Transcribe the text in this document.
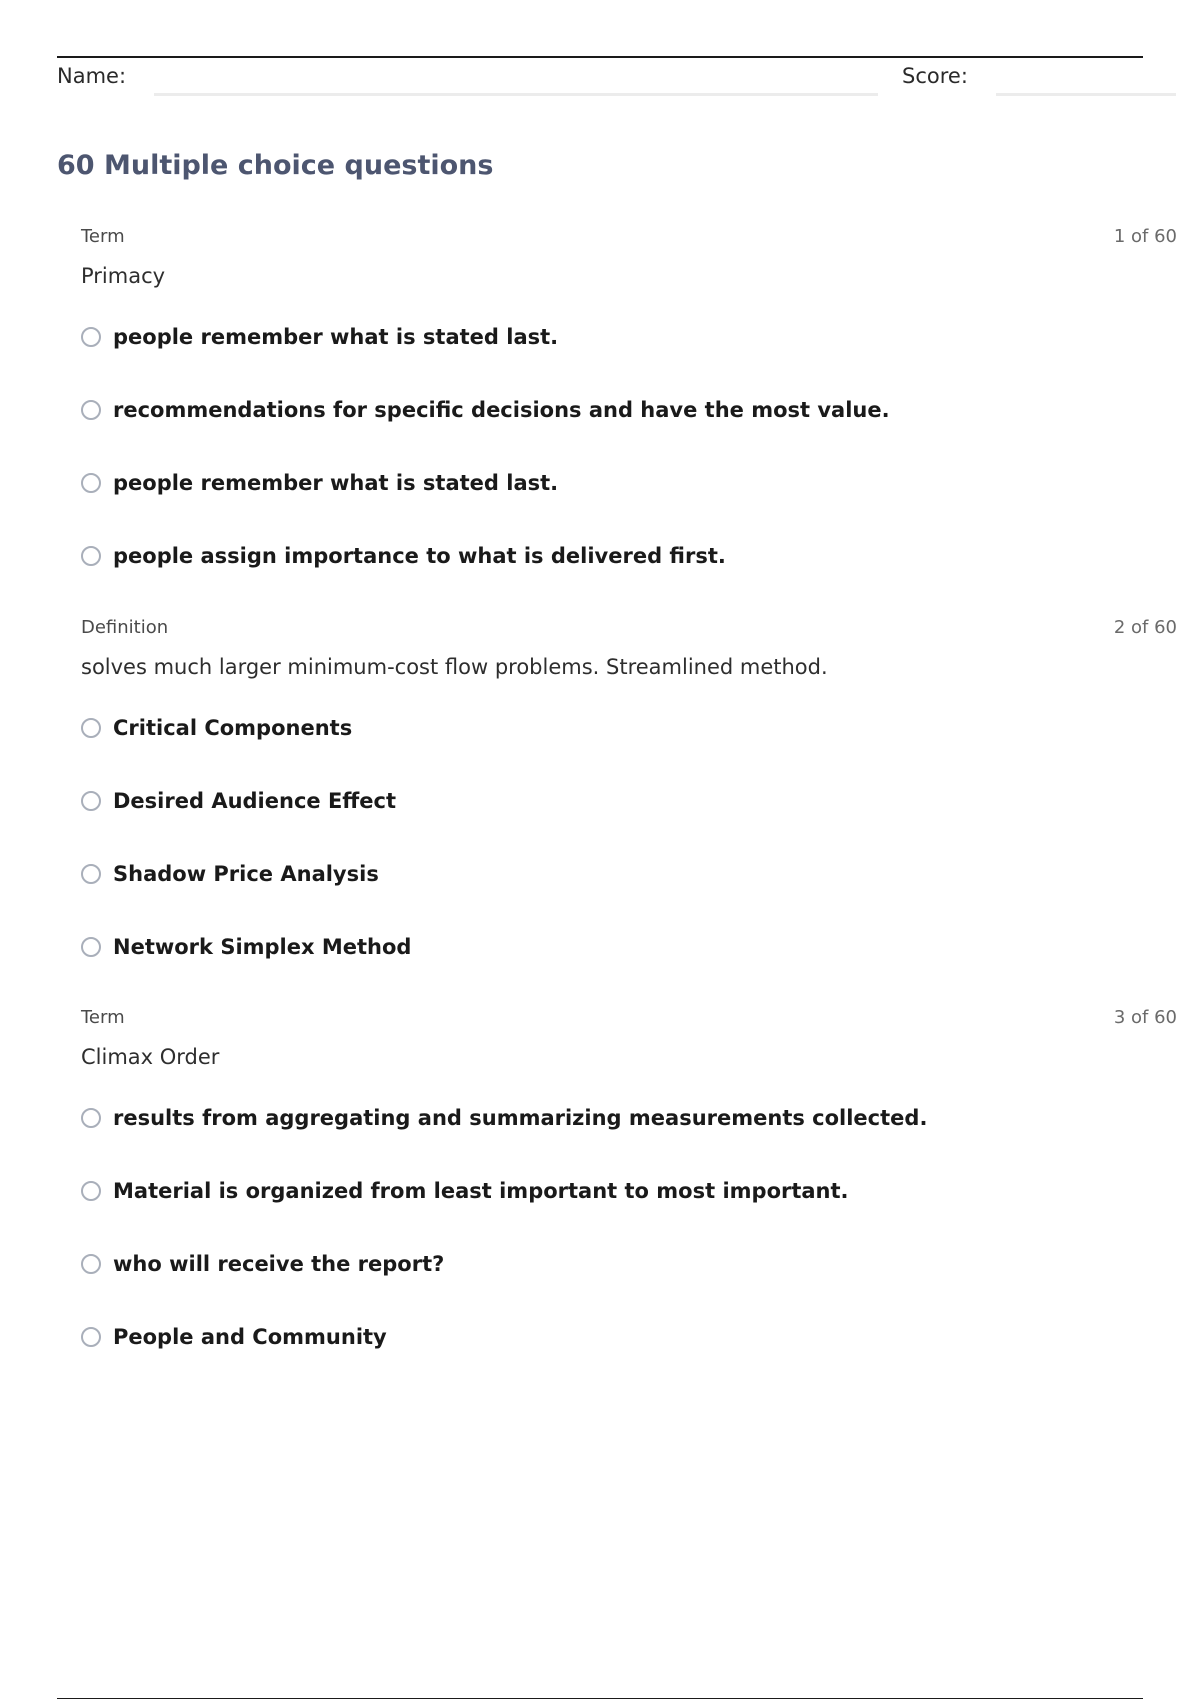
Name:	Score:
60 Multiple choice questions
Term	1 of 60
Primacy
people remember what is stated last.
recommendations for specific decisions and have the most value.
people remember what is stated last.
people assign importance to what is delivered first.
Definition	2 of 60
solves much larger minimum-cost flow problems. Streamlined method.
Critical Components
Desired Audience Effect
Shadow Price Analysis
Network Simplex Method
Term	3 of 60
Climax Order
results from aggregating and summarizing measurements collected.
Material is organized from least important to most important.
who will receive the report?
People and Community
